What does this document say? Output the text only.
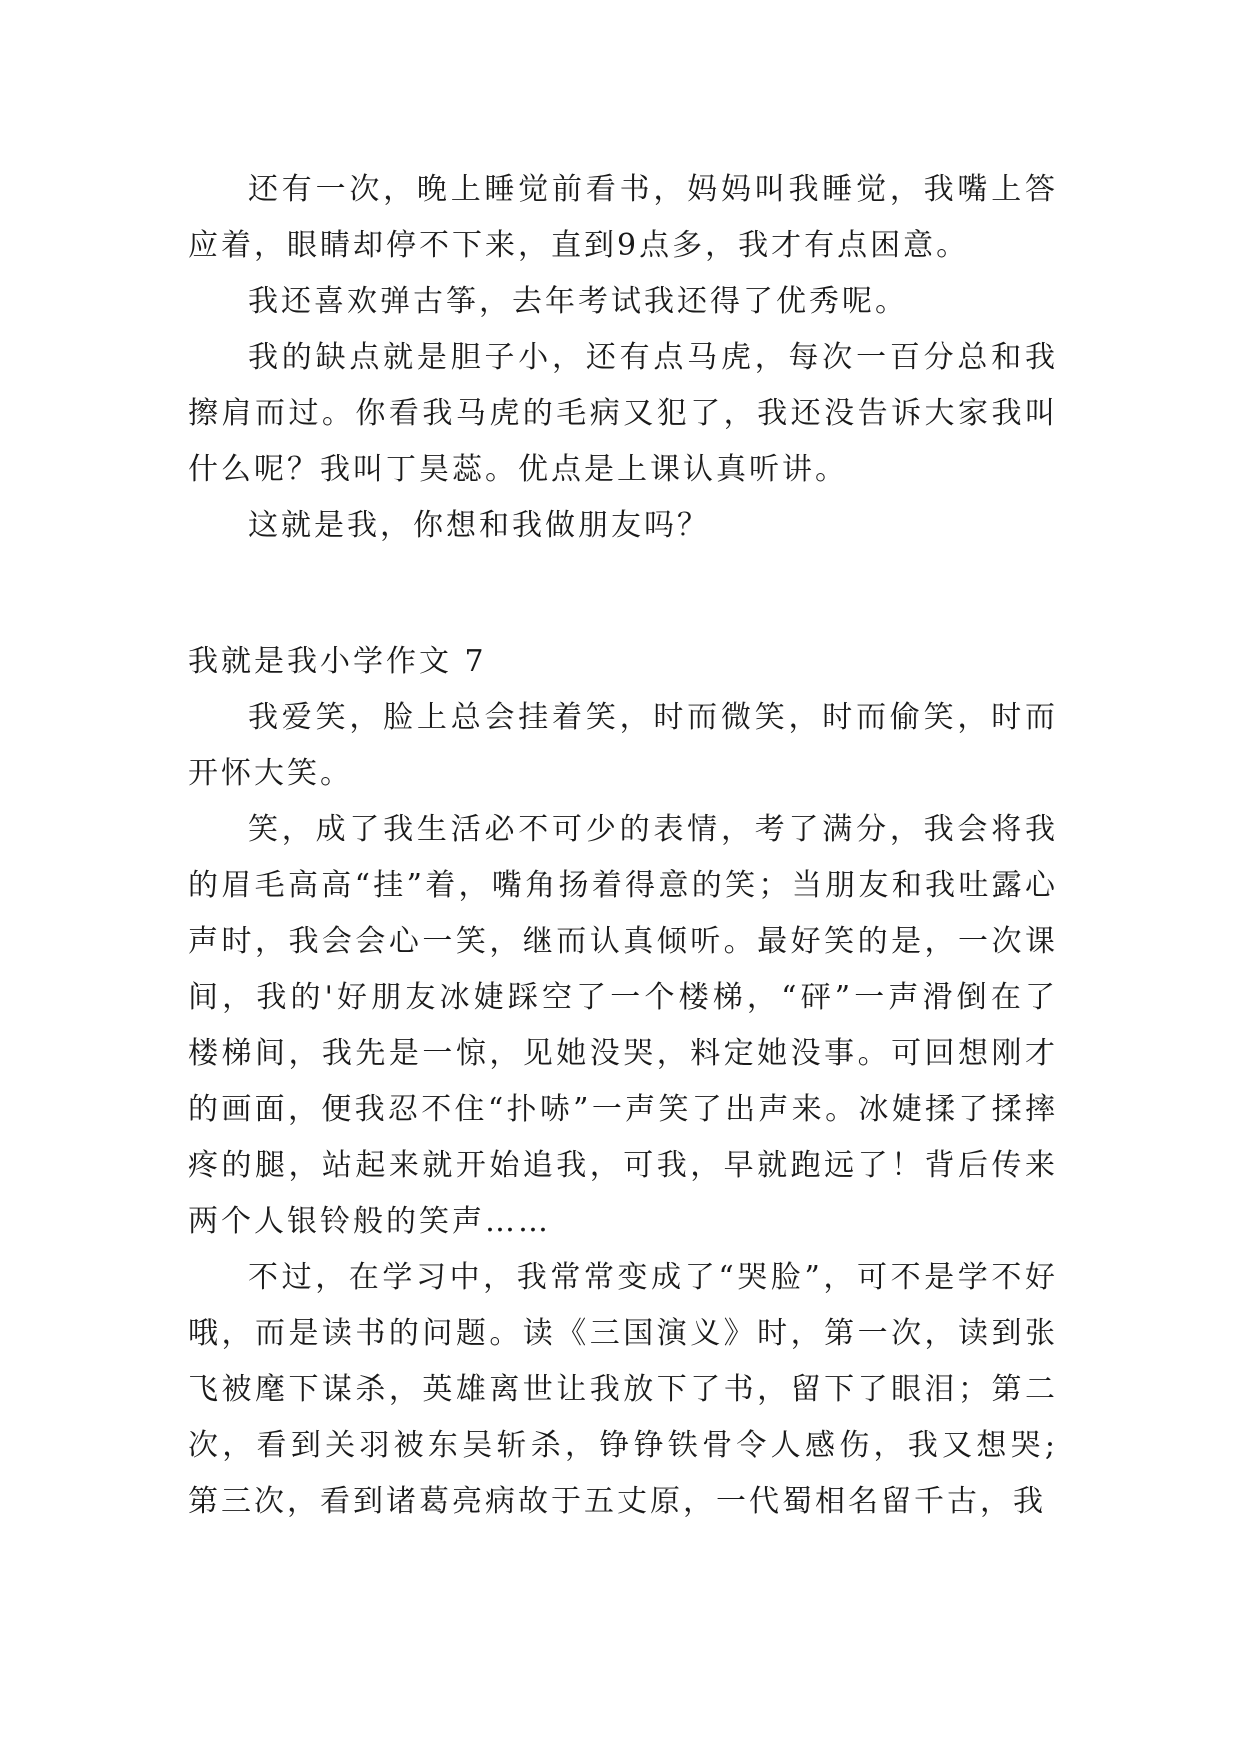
还有一次，晚上睡觉前看书，妈妈叫我睡觉，我嘴上答应着，眼睛却停不下来，直到9点多，我才有点困意。

我还喜欢弹古筝，去年考试我还得了优秀呢。

我的缺点就是胆子小，还有点马虎，每次一百分总和我擦肩而过。你看我马虎的毛病又犯了，我还没告诉大家我叫什么呢？我叫丁昊蕊。优点是上课认真听讲。

这就是我，你想和我做朋友吗？

我就是我小学作文 7

我爱笑，脸上总会挂着笑，时而微笑，时而偷笑，时而开怀大笑。

笑，成了我生活必不可少的表情，考了满分，我会将我的眉毛高高“挂”着，嘴角扬着得意的笑；当朋友和我吐露心声时，我会会心一笑，继而认真倾听。最好笑的是，一次课间，我的'好朋友冰婕踩空了一个楼梯，“砰”一声滑倒在了楼梯间，我先是一惊，见她没哭，料定她没事。可回想刚才的画面，便我忍不住“扑哧”一声笑了出声来。冰婕揉了揉摔疼的腿，站起来就开始追我，可我，早就跑远了！背后传来两个人银铃般的笑声……

不过，在学习中，我常常变成了“哭脸”，可不是学不好哦，而是读书的问题。读《三国演义》时，第一次，读到张飞被麾下谋杀，英雄离世让我放下了书，留下了眼泪；第二次，看到关羽被东吴斩杀，铮铮铁骨令人感伤，我又想哭;第三次，看到诸葛亮病故于五丈原，一代蜀相名留千古，我
